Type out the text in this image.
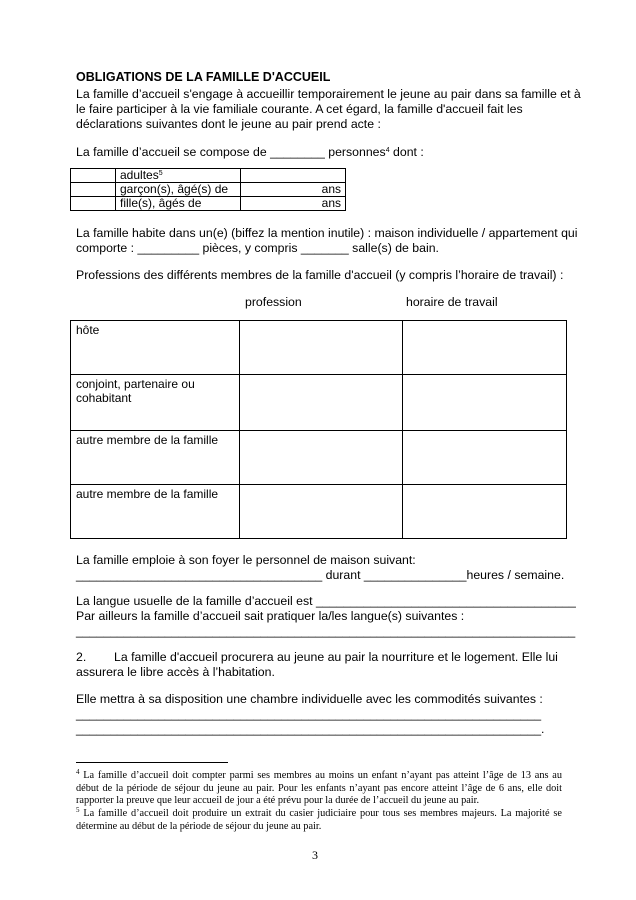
OBLIGATIONS DE LA FAMILLE D'ACCUEIL
La famille d’accueil s'engage à accueillir temporairement le jeune au pair dans sa famille et à
le faire participer à la vie familiale courante. A cet égard, la famille d'accueil fait les
déclarations suivantes dont le jeune au pair prend acte :
La famille d’accueil se compose de ________ personnes$^4$ dont :
	adultes$^5$	
	garçon(s), âgé(s) de	ans
	fille(s), âgés de	ans
La famille habite dans un(e) (biffez la mention inutile) : maison individuelle / appartement qui
comporte : _________ pièces, y compris _______ salle(s) de bain.
Professions des différents membres de la famille d'accueil (y compris l’horaire de travail) :
profession	horaire de travail
hôte		
conjoint, partenaire ou cohabitant		
autre membre de la famille		
autre membre de la famille		
La famille emploie à son foyer le personnel de maison suivant:
____________________________________ durant _______________heures / semaine.
La langue usuelle de la famille d’accueil est ______________________________________
Par ailleurs la famille d’accueil sait pratiquer la/les langue(s) suivantes :
_________________________________________________________________________
2. La famille d'accueil procurera au jeune au pair la nourriture et le logement. Elle lui
assurera le libre accès à l’habitation.
Elle mettra à sa disposition une chambre individuelle avec les commodités suivantes :
____________________________________________________________________
____________________________________________________________________.
$^4$ La famille d’accueil doit compter parmi ses membres au moins un enfant n’ayant pas atteint l’âge de 13 ans au début de la période de séjour du jeune au pair. Pour les enfants n’ayant pas encore atteint l’âge de 6 ans, elle doit rapporter la preuve que leur accueil de jour a été prévu pour la durée de l’accueil du jeune au pair.
$^5$ La famille d’accueil doit produire un extrait du casier judiciaire pour tous ses membres majeurs. La majorité se détermine au début de la période de séjour du jeune au pair.
3
